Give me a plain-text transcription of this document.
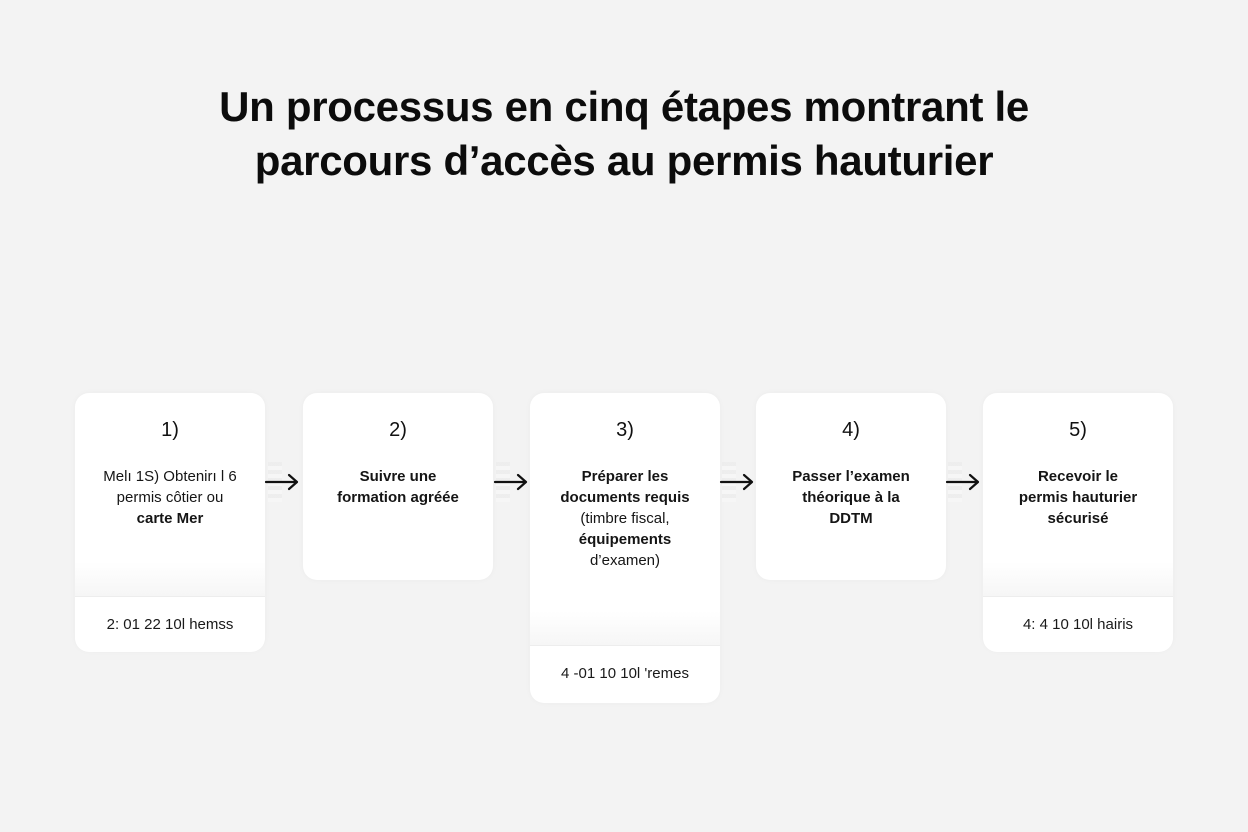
Un processus en cinq étapes montrant le
parcours d’accès au permis hauturier
1)
Melı 1S) Obtenirı l 6
permis côtier ou
carte Mer
2: 01 22 10l hemss
2)
Suivre une
formation agréée
3)
Préparer les
documents requis
(timbre fiscal,
équipements
d’examen)
4 -01 10 10l 'remes
4)
Passer l’examen
théorique à la
DDTM
5)
Recevoir le
permis hauturier
sécurisé
4: 4 10 10l hairis
